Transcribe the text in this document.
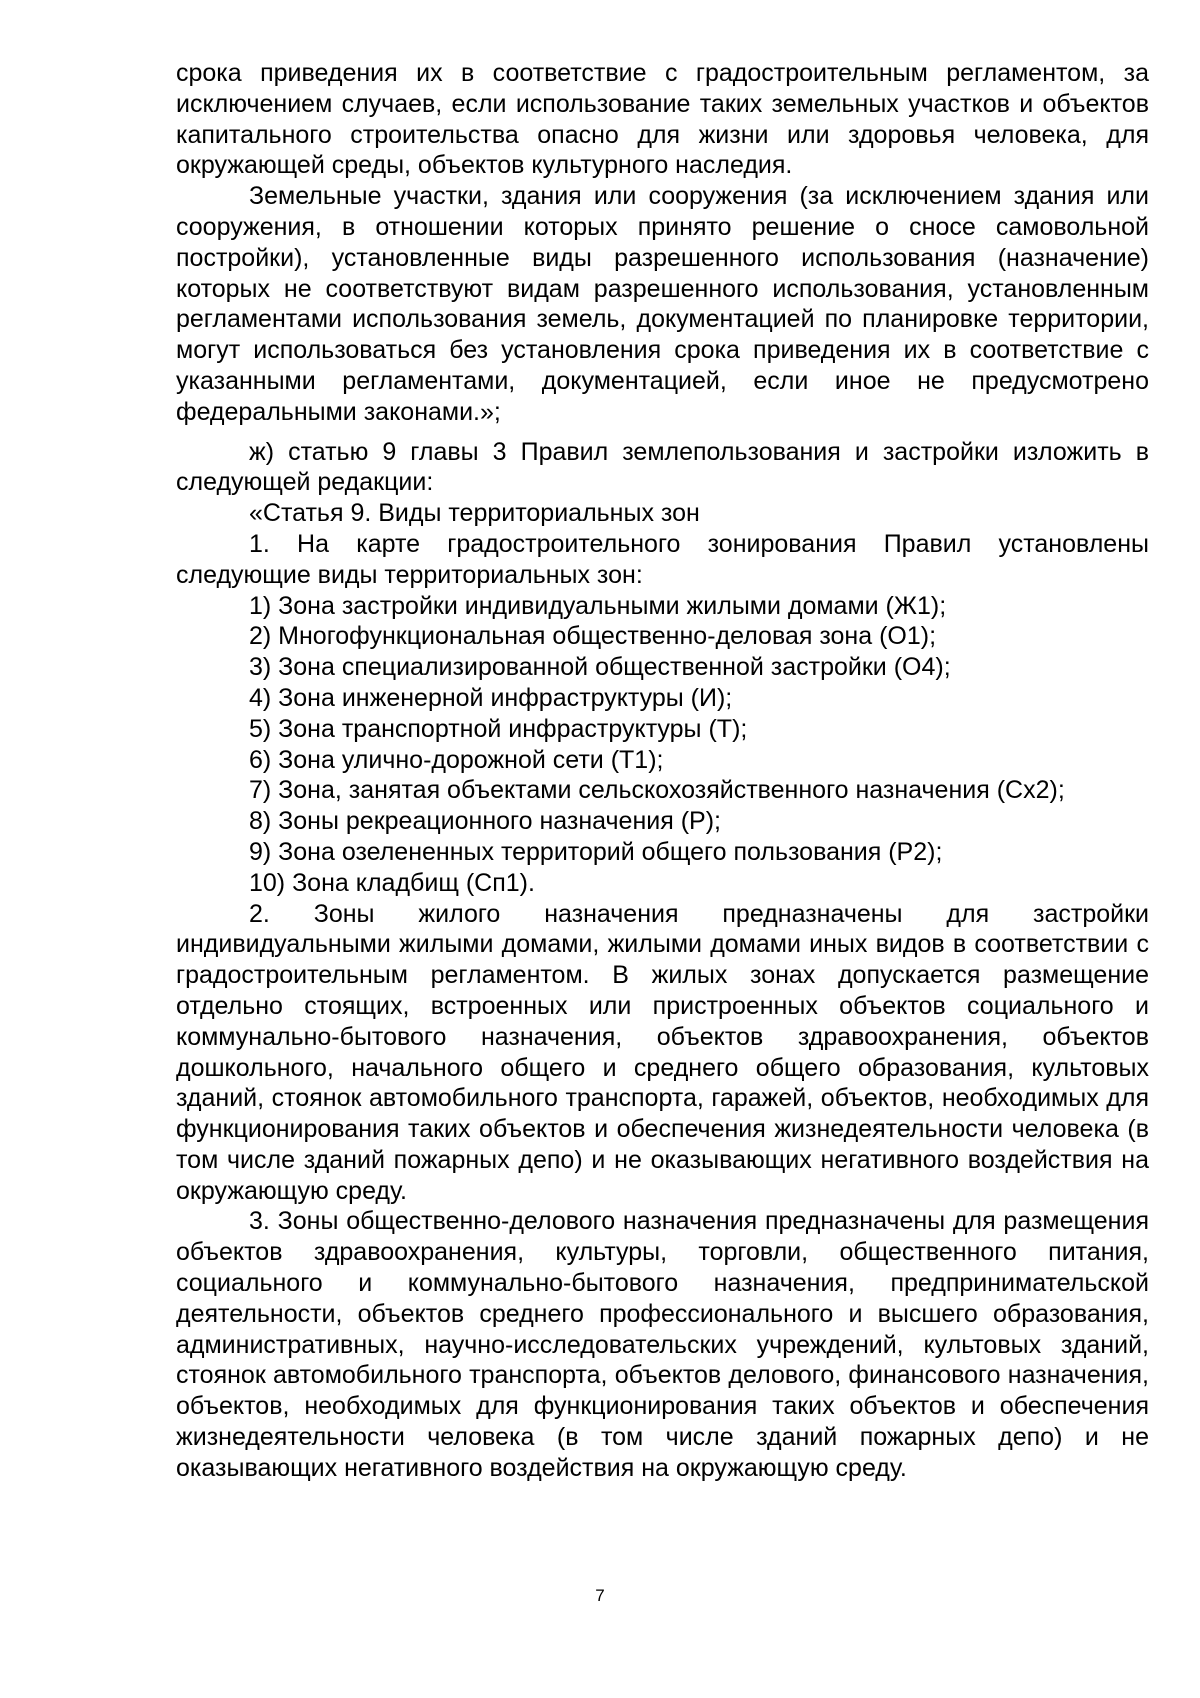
срока приведения их в соответствие с градостроительным регламентом, за исключением случаев, если использование таких земельных участков и объектов капитального строительства опасно для жизни или здоровья человека, для окружающей среды, объектов культурного наследия.

Земельные участки, здания или сооружения (за исключением здания или сооружения, в отношении которых принято решение о сносе самовольной постройки), установленные виды разрешенного использования (назначение) которых не соответствуют видам разрешенного использования, установленным регламентами использования земель, документацией по планировке территории, могут использоваться без установления срока приведения их в соответствие с указанными регламентами, документацией, если иное не предусмотрено федеральными законами.»;

ж) статью 9 главы 3 Правил землепользования и застройки изложить в следующей редакции:

«Статья 9. Виды территориальных зон

1. На карте градостроительного зонирования Правил установлены следующие виды территориальных зон:

1) Зона застройки индивидуальными жилыми домами (Ж1);

2) Многофункциональная общественно-деловая зона (О1);

3) Зона специализированной общественной застройки (О4);

4) Зона инженерной инфраструктуры (И);

5) Зона транспортной инфраструктуры (Т);

6) Зона улично-дорожной сети (Т1);

7) Зона, занятая объектами сельскохозяйственного назначения (Сх2);

8) Зоны рекреационного назначения (Р);

9) Зона озелененных территорий общего пользования (Р2);

10) Зона кладбищ (Сп1).

2. Зоны жилого назначения предназначены для застройки индивидуальными жилыми домами, жилыми домами иных видов в соответствии с градостроительным регламентом. В жилых зонах допускается размещение отдельно стоящих, встроенных или пристроенных объектов социального и коммунально-бытового назначения, объектов здравоохранения, объектов дошкольного, начального общего и среднего общего образования, культовых зданий, стоянок автомобильного транспорта, гаражей, объектов, необходимых для функционирования таких объектов и обеспечения жизнедеятельности человека (в том числе зданий пожарных депо) и не оказывающих негативного воздействия на окружающую среду.

3. Зоны общественно-делового назначения предназначены для размещения объектов здравоохранения, культуры, торговли, общественного питания, социального и коммунально-бытового назначения, предпринимательской деятельности, объектов среднего профессионального и высшего образования, административных, научно-исследовательских учреждений, культовых зданий, стоянок автомобильного транспорта, объектов делового, финансового назначения, объектов, необходимых для функционирования таких объектов и обеспечения жизнедеятельности человека (в том числе зданий пожарных депо) и не оказывающих негативного воздействия на окружающую среду.

7
